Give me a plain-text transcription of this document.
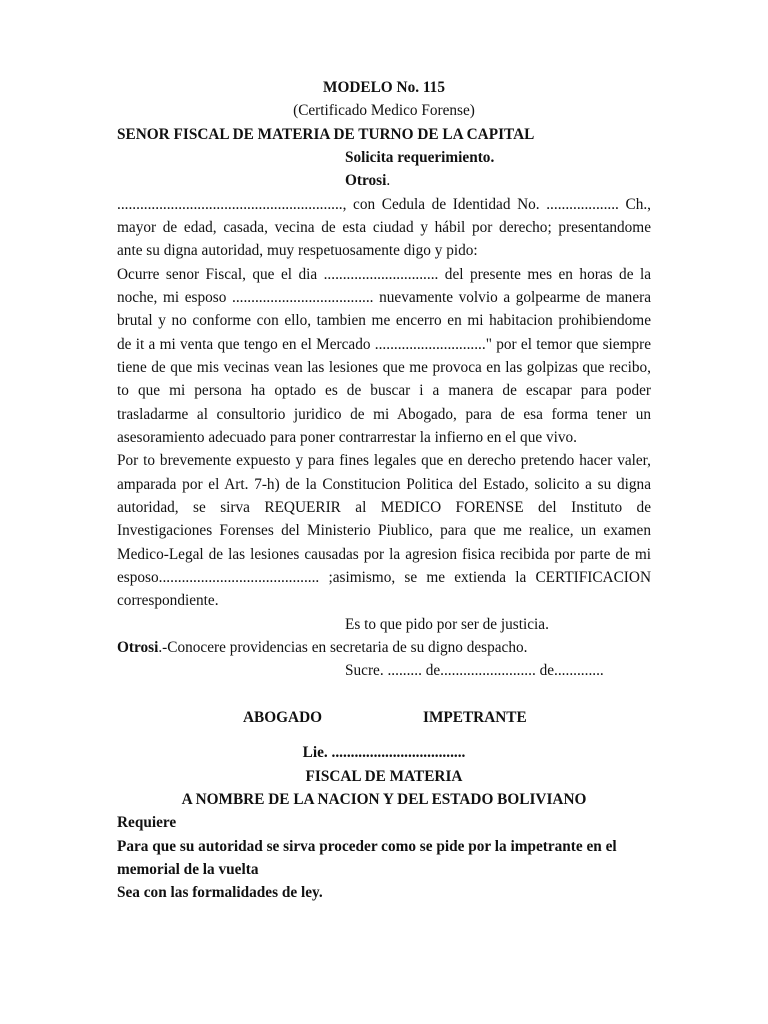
MODELO No. 115
(Certificado Medico Forense)
SENOR FISCAL DE MATERIA DE TURNO DE LA CAPITAL
Solicita requerimiento.
Otrosi.
..........................................................., con Cedula de Identidad No. ................... Ch.,
mayor de edad, casada, vecina de esta ciudad y hábil por derecho; presentandome
ante su digna autoridad, muy respetuosamente digo y pido:
Ocurre senor Fiscal, que el dia .............................. del presente mes en horas de la
noche, mi esposo ..................................... nuevamente volvio a golpearme de manera
brutal y no conforme con ello, tambien me encerro en mi habitacion prohibiendome
de it a mi venta que tengo en el Mercado ............................." por el temor que siempre
tiene de que mis vecinas vean las lesiones que me provoca en las golpizas que recibo,
to que mi persona ha optado es de buscar i a manera de escapar para poder
trasladarme al consultorio juridico de mi Abogado, para de esa forma tener un
asesoramiento adecuado para poner contrarrestar la infierno en el que vivo.
Por to brevemente expuesto y para fines legales que en derecho pretendo hacer valer,
amparada por el Art. 7-h) de la Constitucion Politica del Estado, solicito a su digna
autoridad, se sirva REQUERIR al MEDICO FORENSE del Instituto de
Investigaciones Forenses del Ministerio Piublico, para que me realice, un examen
Medico-Legal de las lesiones causadas por la agresion fisica recibida por parte de mi
esposo.......................................... ;asimismo, se me extienda la CERTIFICACION
correspondiente.
Es to que pido por ser de justicia.
Otrosi.-Conocere providencias en secretaria de su digno despacho.
Sucre. ......... de......................... de.............
ABOGADO	IMPETRANTE
Lie. ...................................
FISCAL DE MATERIA
A NOMBRE DE LA NACION Y DEL ESTADO BOLIVIANO
Requiere
Para que su autoridad se sirva proceder como se pide por la impetrante en el
memorial de la vuelta
Sea con las formalidades de ley.
